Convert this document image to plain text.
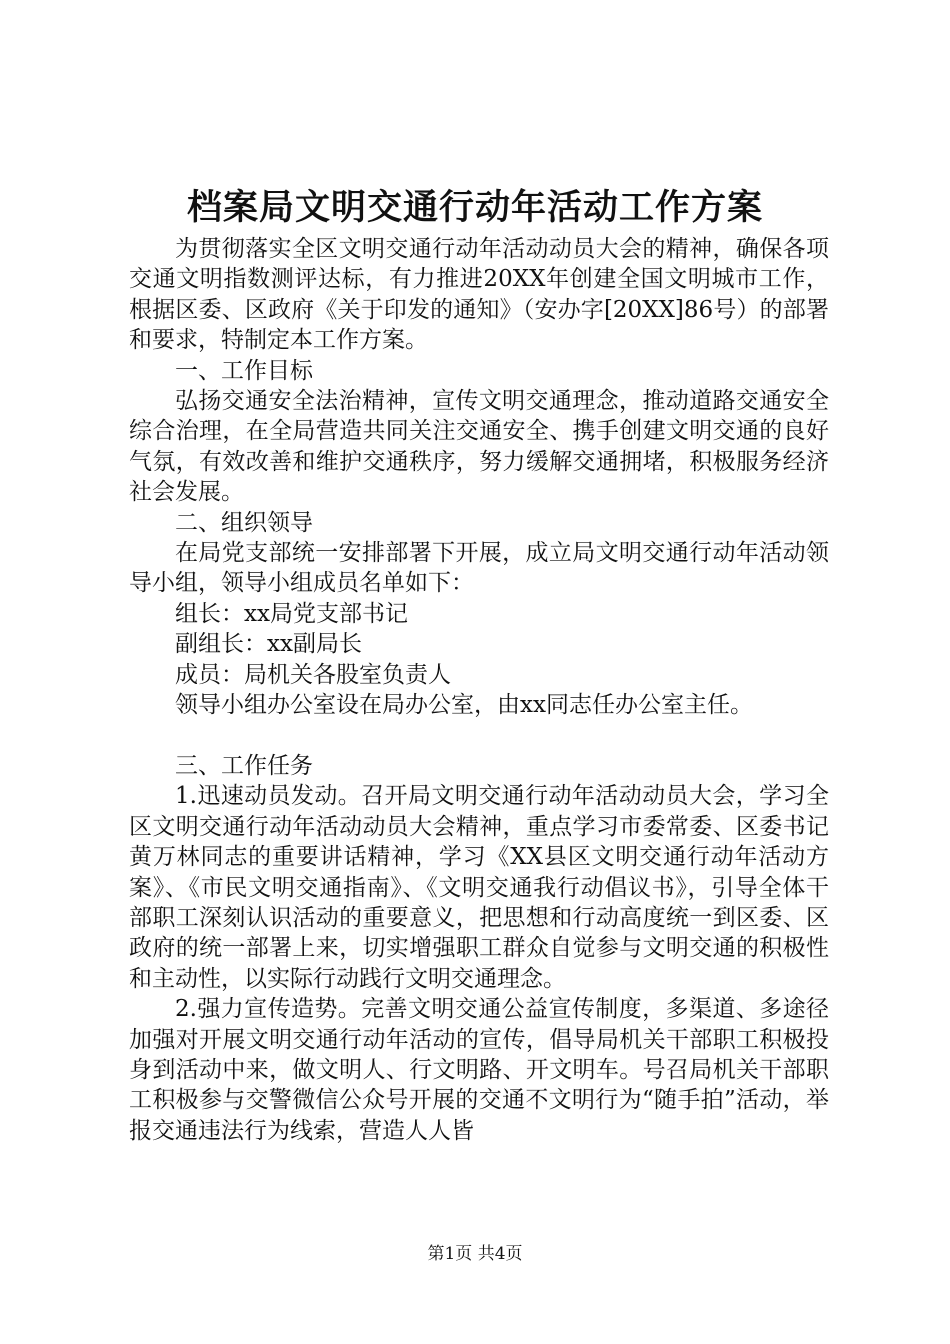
档案局文明交通行动年活动工作方案

为贯彻落实全区文明交通行动年活动动员大会的精神，确保各项交通文明指数测评达标，有力推进20XX年创建全国文明城市工作，根据区委、区政府《关于印发的通知》（安办字[20XX]86号）的部署和要求，特制定本工作方案。

一、工作目标

弘扬交通安全法治精神，宣传文明交通理念，推动道路交通安全综合治理，在全局营造共同关注交通安全、携手创建文明交通的良好气氛，有效改善和维护交通秩序，努力缓解交通拥堵，积极服务经济社会发展。

二、组织领导

在局党支部统一安排部署下开展，成立局文明交通行动年活动领导小组，领导小组成员名单如下：

组长：xx局党支部书记

副组长：xx副局长

成员：局机关各股室负责人

领导小组办公室设在局办公室，由xx同志任办公室主任。

三、工作任务

1.迅速动员发动。召开局文明交通行动年活动动员大会，学习全区文明交通行动年活动动员大会精神，重点学习市委常委、区委书记黄万林同志的重要讲话精神，学习《XX县区文明交通行动年活动方案》、《市民文明交通指南》、《文明交通我行动倡议书》，引导全体干部职工深刻认识活动的重要意义，把思想和行动高度统一到区委、区政府的统一部署上来，切实增强职工群众自觉参与文明交通的积极性和主动性，以实际行动践行文明交通理念。

2.强力宣传造势。完善文明交通公益宣传制度，多渠道、多途径加强对开展文明交通行动年活动的宣传，倡导局机关干部职工积极投身到活动中来，做文明人、行文明路、开文明车。号召局机关干部职工积极参与交警微信公众号开展的交通不文明行为“随手拍”活动，举报交通违法行为线索，营造人人皆

第1页 共4页
